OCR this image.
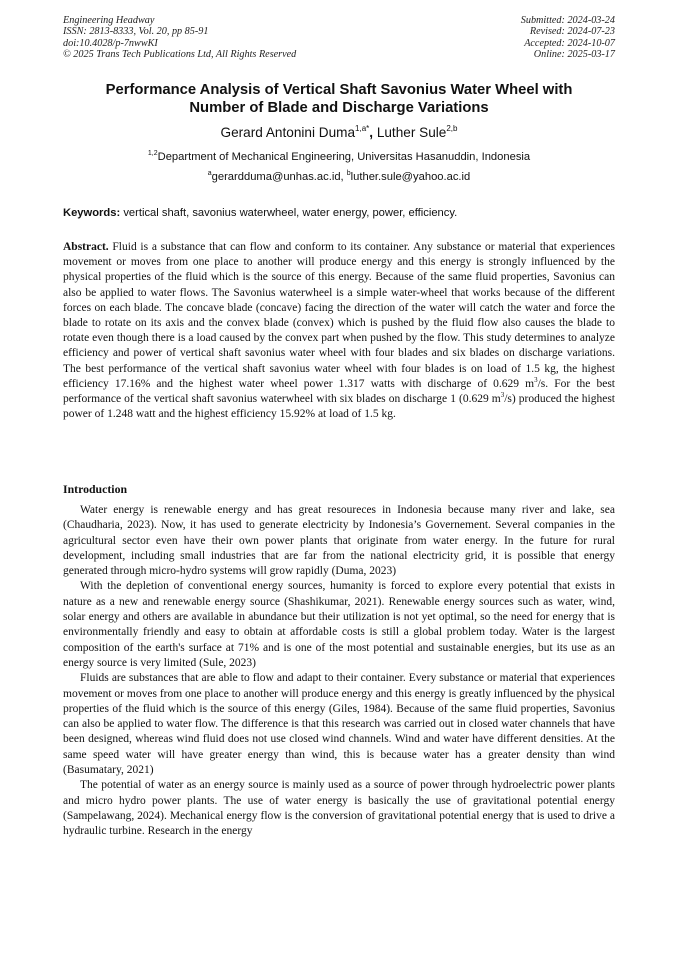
Engineering Headway
ISSN: 2813-8333, Vol. 20, pp 85-91
doi:10.4028/p-7nwwKI
© 2025 Trans Tech Publications Ltd, All Rights Reserved
Submitted: 2024-03-24
Revised: 2024-07-23
Accepted: 2024-10-07
Online: 2025-03-17
Performance Analysis of Vertical Shaft Savonius Water Wheel with
Number of Blade and Discharge Variations
Gerard Antonini Duma$^{1,a*}$, Luther Sule$^{2,b}$
$^{1,2}$Department of Mechanical Engineering, Universitas Hasanuddin, Indonesia
$^a$gerardduma@unhas.ac.id, $^b$luther.sule@yahoo.ac.id
Keywords: vertical shaft, savonius waterwheel, water energy, power, efficiency.

Abstract. Fluid is a substance that can flow and conform to its container. Any substance or material that experiences movement or moves from one place to another will produce energy and this energy is strongly influenced by the physical properties of the fluid which is the source of this energy. Because of the same fluid properties, Savonius can also be applied to water flows. The Savonius waterwheel is a simple water-wheel that works because of the different forces on each blade. The concave blade (concave) facing the direction of the water will catch the water and force the blade to rotate on its axis and the convex blade (convex) which is pushed by the fluid flow also causes the blade to rotate even though there is a load caused by the convex part when pushed by the flow. This study determines to analyze efficiency and power of vertical shaft savonius water wheel with four blades and six blades on discharge variations. The best performance of the vertical shaft savonius water wheel with four blades is on load of 1.5 kg, the highest efficiency 17.16% and the highest water wheel power 1.317 watts with discharge of 0.629 $m^3/s$. For the best performance of the vertical shaft savonius waterwheel with six blades on discharge 1 (0.629 $m^3/s$) produced the highest power of 1.248 watt and the highest efficiency 15.92% at load of 1.5 kg.

Introduction

Water energy is renewable energy and has great resoureces in Indonesia because many river and lake, sea (Chaudharia, 2023). Now, it has used to generate electricity by Indonesia’s Governement. Several companies in the agricultural sector even have their own power plants that originate from water energy. In the future for rural development, including small industries that are far from the national electricity grid, it is possible that energy generated through micro-hydro systems will grow rapidly (Duma, 2023)

With the depletion of conventional energy sources, humanity is forced to explore every potential that exists in nature as a new and renewable energy source (Shashikumar, 2021). Renewable energy sources such as water, wind, solar energy and others are available in abundance but their utilization is not yet optimal, so the need for energy that is environmentally friendly and easy to obtain at affordable costs is still a global problem today. Water is the largest composition of the earth's surface at 71% and is one of the most potential and sustainable energies, but its use as an energy source is very limited (Sule, 2023)

Fluids are substances that are able to flow and adapt to their container. Every substance or material that experiences movement or moves from one place to another will produce energy and this energy is greatly influenced by the physical properties of the fluid which is the source of this energy (Giles, 1984). Because of the same fluid properties, Savonius can also be applied to water flow. The difference is that this research was carried out in closed water channels that have been designed, whereas wind fluid does not use closed wind channels. Wind and water have different densities. At the same speed water will have greater energy than wind, this is because water has a greater density than wind (Basumatary, 2021)

The potential of water as an energy source is mainly used as a source of power through hydroelectric power plants and micro hydro power plants. The use of water energy is basically the use of gravitational potential energy (Sampelawang, 2024). Mechanical energy flow is the conversion of gravitational potential energy that is used to drive a hydraulic turbine. Research in the energy
